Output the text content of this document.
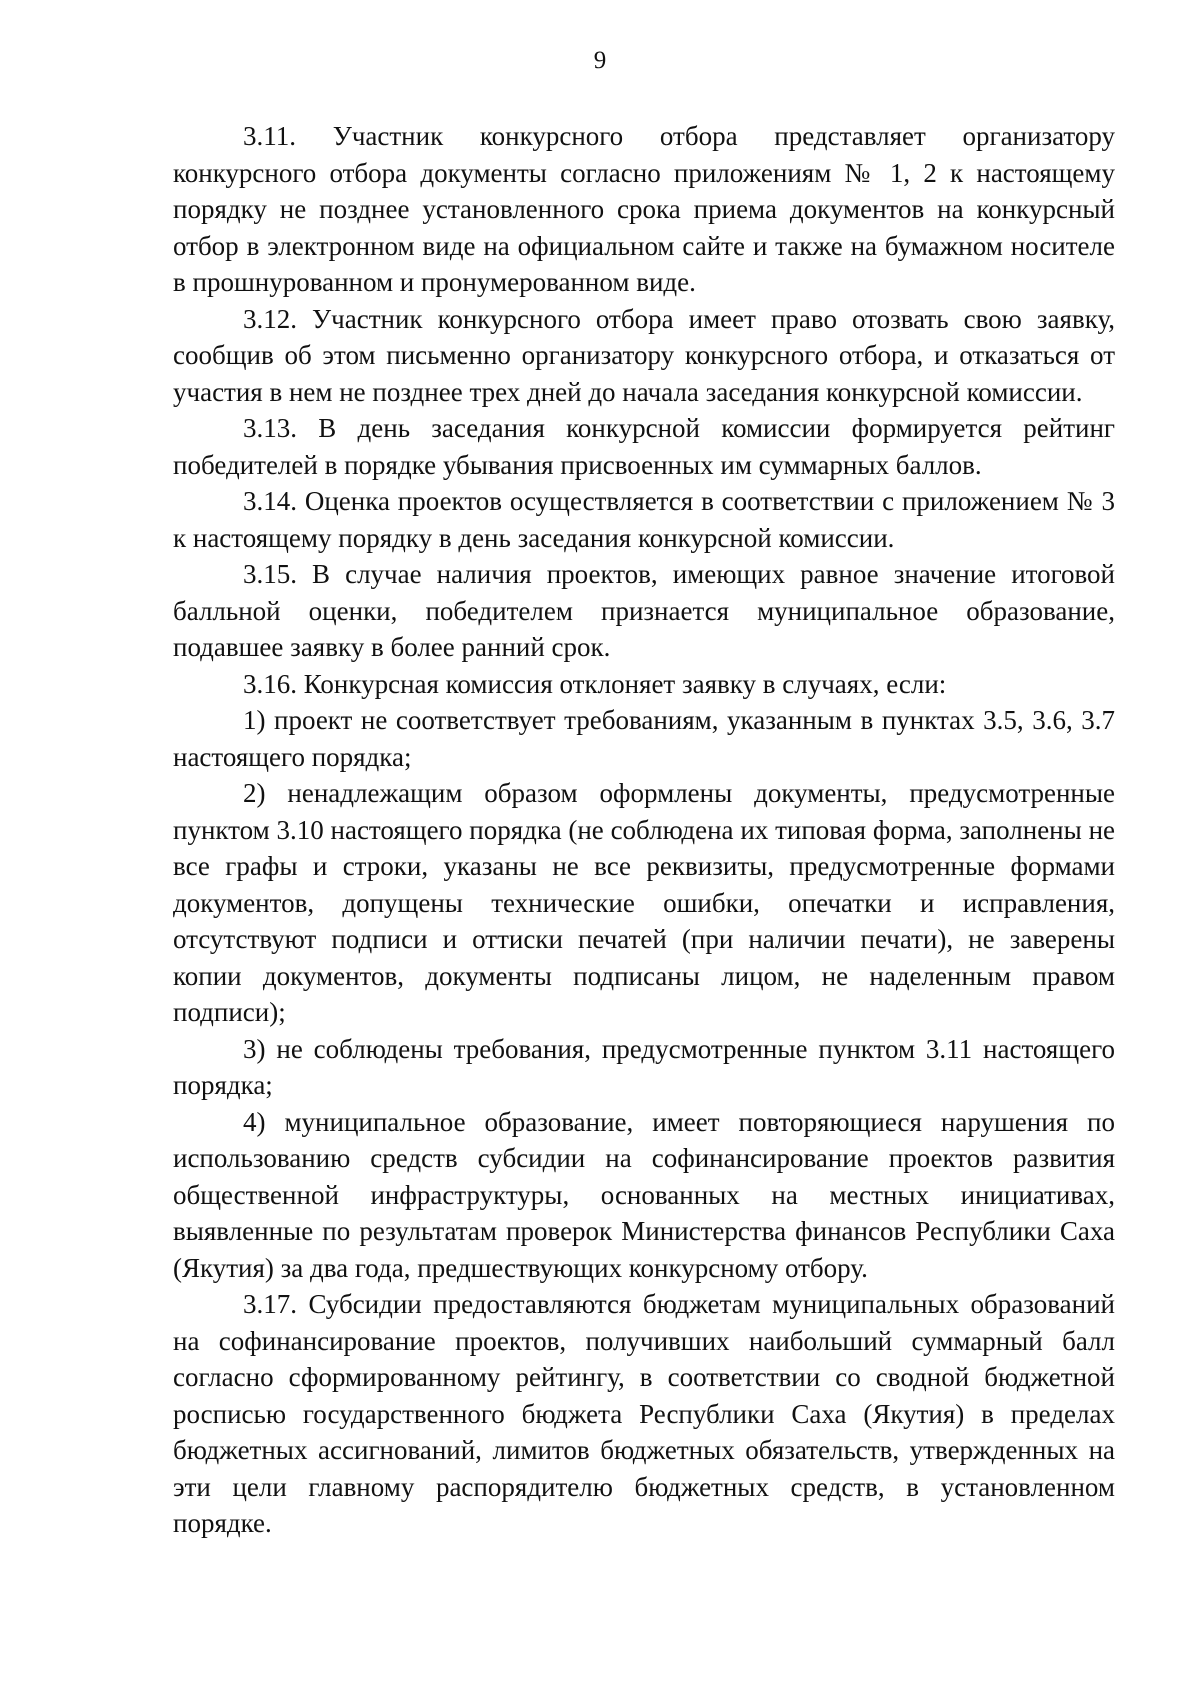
9

3.11. Участник конкурсного отбора представляет организатору конкурсного отбора документы согласно приложениям № 1, 2 к настоящему порядку не позднее установленного срока приема документов на конкурсный отбор в электронном виде на официальном сайте и также на бумажном носителе в прошнурованном и пронумерованном виде.

3.12. Участник конкурсного отбора имеет право отозвать свою заявку, сообщив об этом письменно организатору конкурсного отбора, и отказаться от участия в нем не позднее трех дней до начала заседания конкурсной комиссии.

3.13. В день заседания конкурсной комиссии формируется рейтинг победителей в порядке убывания присвоенных им суммарных баллов.

3.14. Оценка проектов осуществляется в соответствии с приложением № 3 к настоящему порядку в день заседания конкурсной комиссии.

3.15. В случае наличия проектов, имеющих равное значение итоговой балльной оценки, победителем признается муниципальное образование, подавшее заявку в более ранний срок.

3.16. Конкурсная комиссия отклоняет заявку в случаях, если:

1) проект не соответствует требованиям, указанным в пунктах 3.5, 3.6, 3.7 настоящего порядка;

2) ненадлежащим образом оформлены документы, предусмотренные пунктом 3.10 настоящего порядка (не соблюдена их типовая форма, заполнены не все графы и строки, указаны не все реквизиты, предусмотренные формами документов, допущены технические ошибки, опечатки и исправления, отсутствуют подписи и оттиски печатей (при наличии печати), не заверены копии документов, документы подписаны лицом, не наделенным правом подписи);

3) не соблюдены требования, предусмотренные пунктом 3.11 настоящего порядка;

4) муниципальное образование, имеет повторяющиеся нарушения по использованию средств субсидии на софинансирование проектов развития общественной инфраструктуры, основанных на местных инициативах, выявленные по результатам проверок Министерства финансов Республики Саха (Якутия) за два года, предшествующих конкурсному отбору.

3.17. Субсидии предоставляются бюджетам муниципальных образований на софинансирование проектов, получивших наибольший суммарный балл согласно сформированному рейтингу, в соответствии со сводной бюджетной росписью государственного бюджета Республики Саха (Якутия) в пределах бюджетных ассигнований, лимитов бюджетных обязательств, утвержденных на эти цели главному распорядителю бюджетных средств, в установленном порядке.
